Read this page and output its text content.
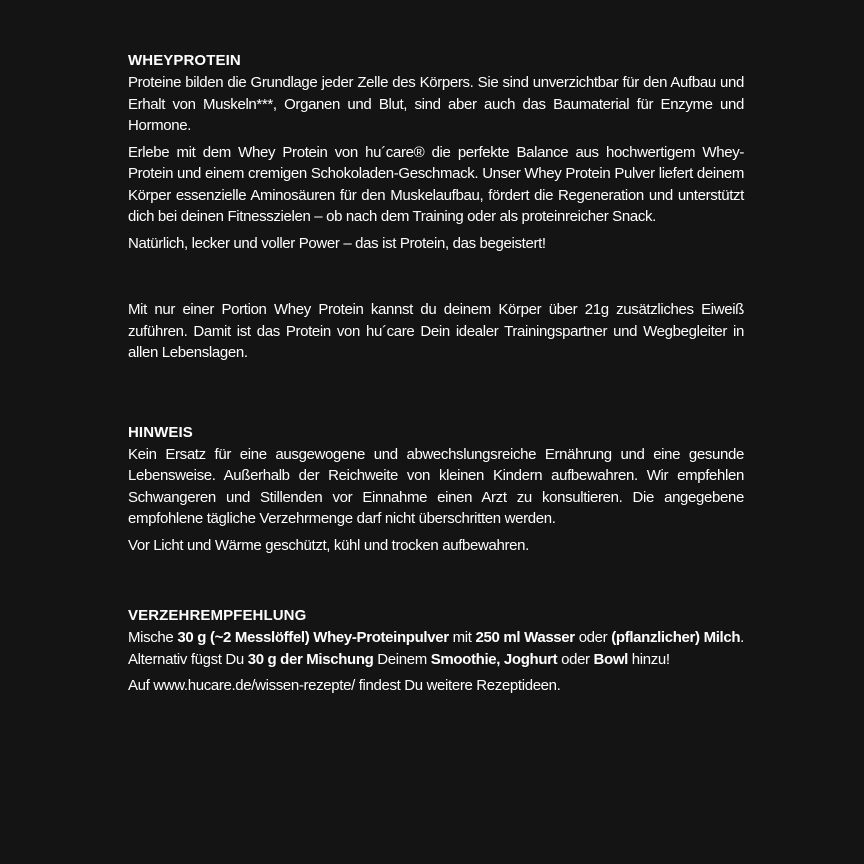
WHEYPROTEIN

Proteine bilden die Grundlage jeder Zelle des Körpers. Sie sind unverzichtbar für den Aufbau und Erhalt von Muskeln***, Organen und Blut, sind aber auch das Baumaterial für Enzyme und Hormone.

Erlebe mit dem Whey Protein von hu´care® die perfekte Balance aus hochwertigem Whey-Protein und einem cremigen Schokoladen-Geschmack. Unser Whey Protein Pulver liefert deinem Körper essenzielle Aminosäuren für den Muskelaufbau, fördert die Regeneration und unterstützt dich bei deinen Fitnesszielen – ob nach dem Training oder als proteinreicher Snack.

Natürlich, lecker und voller Power – das ist Protein, das begeistert!

Mit nur einer Portion Whey Protein kannst du deinem Körper über 21g zusätzliches Eiweiß zuführen. Damit ist das Protein von hu´care Dein idealer Trainingspartner und Wegbegleiter in allen Lebenslagen.

HINWEIS

Kein Ersatz für eine ausgewogene und abwechslungsreiche Ernährung und eine gesunde Lebensweise. Außerhalb der Reichweite von kleinen Kindern aufbewahren. Wir empfehlen Schwangeren und Stillenden vor Einnahme einen Arzt zu konsultieren. Die angegebene empfohlene tägliche Verzehrmenge darf nicht überschritten werden.

Vor Licht und Wärme geschützt, kühl und trocken aufbewahren.

VERZEHREMPFEHLUNG

Mische 30 g (~2 Messlöffel) Whey-Proteinpulver mit 250 ml Wasser oder (pflanzlicher) Milch. Alternativ fügst Du 30 g der Mischung Deinem Smoothie, Joghurt oder Bowl hinzu!

Auf www.hucare.de/wissen-rezepte/ findest Du weitere Rezeptideen.
